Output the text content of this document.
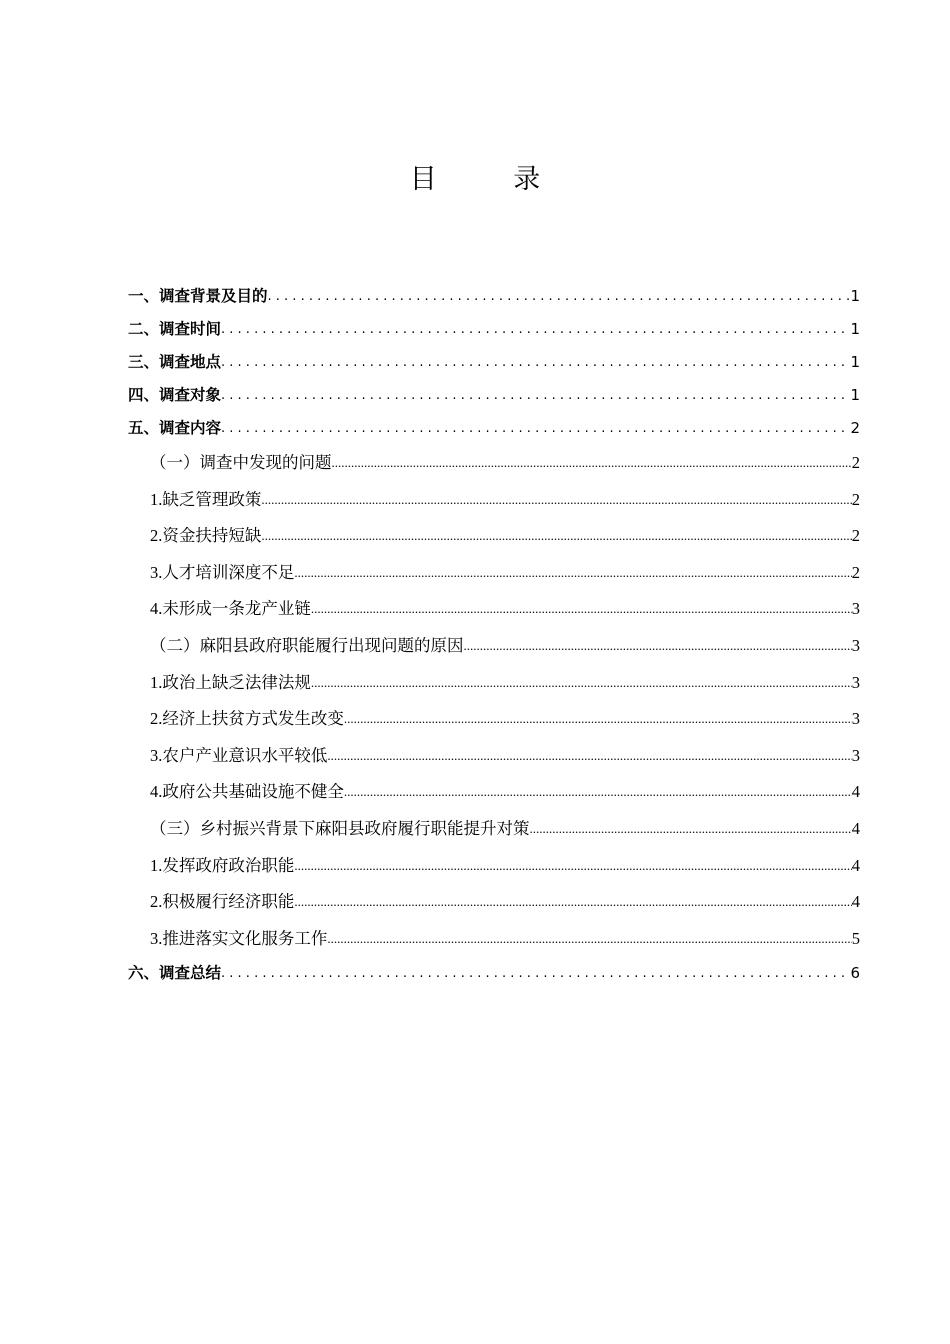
目 录
一、调查背景及目的 . . .	1
二、调查时间 . . .	1
三、调查地点 . . .	1
四、调查对象 . . .	1
五、调查内容 . . .	2
（一）调查中发现的问题 .....	2
1.缺乏管理政策 .....	2
2.资金扶持短缺 .....	2
3.人才培训深度不足 .....	2
4.未形成一条龙产业链 .....	3
（二）麻阳县政府职能履行出现问题的原因 .....	3
1.政治上缺乏法律法规 .....	3
2.经济上扶贫方式发生改变 .....	3
3.农户产业意识水平较低 .....	3
4.政府公共基础设施不健全 .....	4
（三）乡村振兴背景下麻阳县政府履行职能提升对策 .....	4
1.发挥政府政治职能 .....	4
2.积极履行经济职能 .....	4
3.推进落实文化服务工作 .....	5
六、调查总结 . . .	6
